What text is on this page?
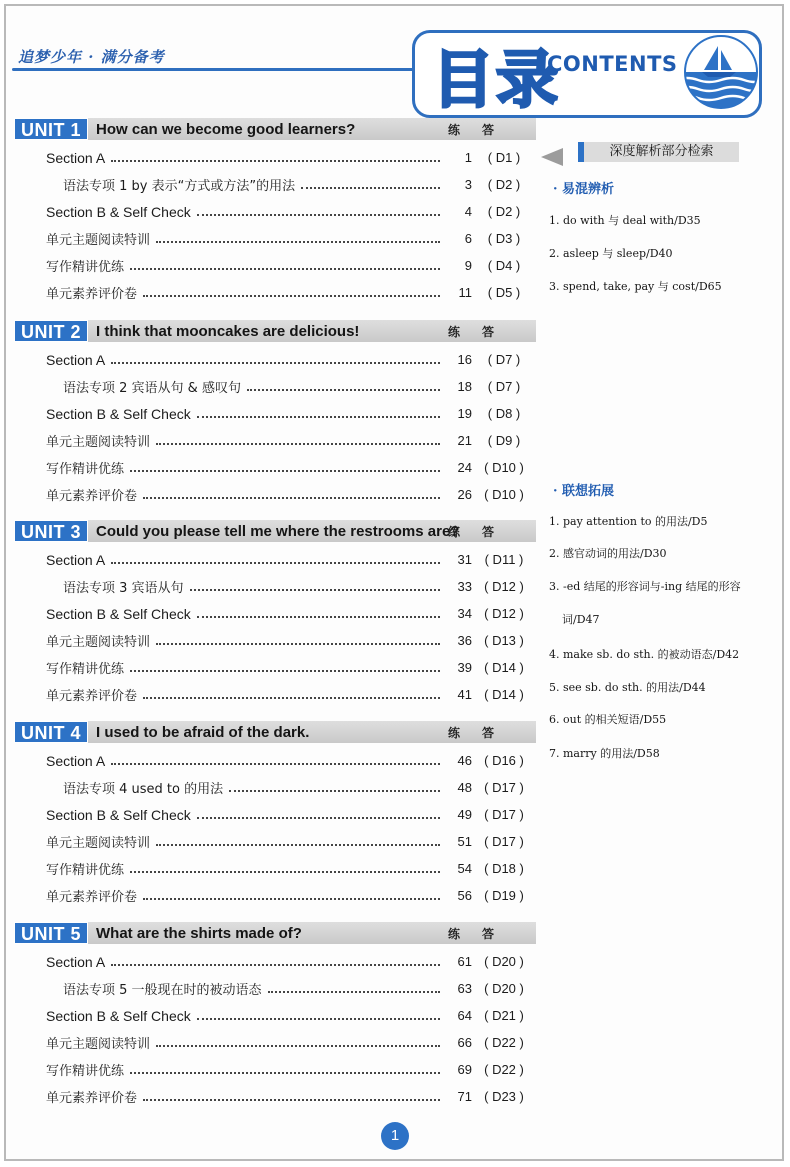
追梦少年 · 满分备考	目录
CONTENTS
UNIT 1	How can we become good learners?	练答
Section A	1	( D1 )
语法专项 1 by 表示“方式或方法”的用法	3	( D2 )
Section B & Self Check	4	( D2 )
单元主题阅读特训	6	( D3 )
写作精讲优练	9	( D4 )
单元素养评价卷	11	( D5 )
UNIT 2	I think that mooncakes are delicious!	练答
Section A	16	( D7 )
语法专项 2 宾语从句 & 感叹句	18	( D7 )
Section B & Self Check	19	( D8 )
单元主题阅读特训	21	( D9 )
写作精讲优练	24 ( D10 )
单元素养评价卷	26 ( D10 )
UNIT 3	Could you please tell me where the restrooms are?
练答
Section A	31 ( D11 )
语法专项 3 宾语从句	33 ( D12 )
Section B & Self Check	34 ( D12 )
单元主题阅读特训	36 ( D13 )
写作精讲优练	39 ( D14 )
单元素养评价卷	41 ( D14 )
UNIT 4	I used to be afraid of the dark.	练答
Section A	46 ( D16 )
语法专项 4 used to 的用法	48 ( D17 )
Section B & Self Check	49 ( D17 )
单元主题阅读特训	51 ( D17 )
写作精讲优练	54 ( D18 )
单元素养评价卷	56 ( D19 )
UNIT 5	What are the shirts made of?	练答
Section A	61 ( D20 )
语法专项 5 一般现在时的被动语态	63 ( D20 )
Section B & Self Check	64 ( D21 )
单元主题阅读特训	66 ( D22 )
写作精讲优练	69 ( D22 )
单元素养评价卷	71 ( D23 )
深度解析部分检索
· 易混辨析
1. do with 与 deal with/D35
2. asleep 与 sleep/D40
3. spend, take, pay 与 cost/D65
· 联想拓展
1. pay attention to 的用法/D5
2. 感官动词的用法/D30
3. -ed 结尾的形容词与-ing 结尾的形容
词/D47
4. make sb. do sth. 的被动语态/D42
5. see sb. do sth. 的用法/D44
6. out 的相关短语/D55
7. marry 的用法/D58
1
